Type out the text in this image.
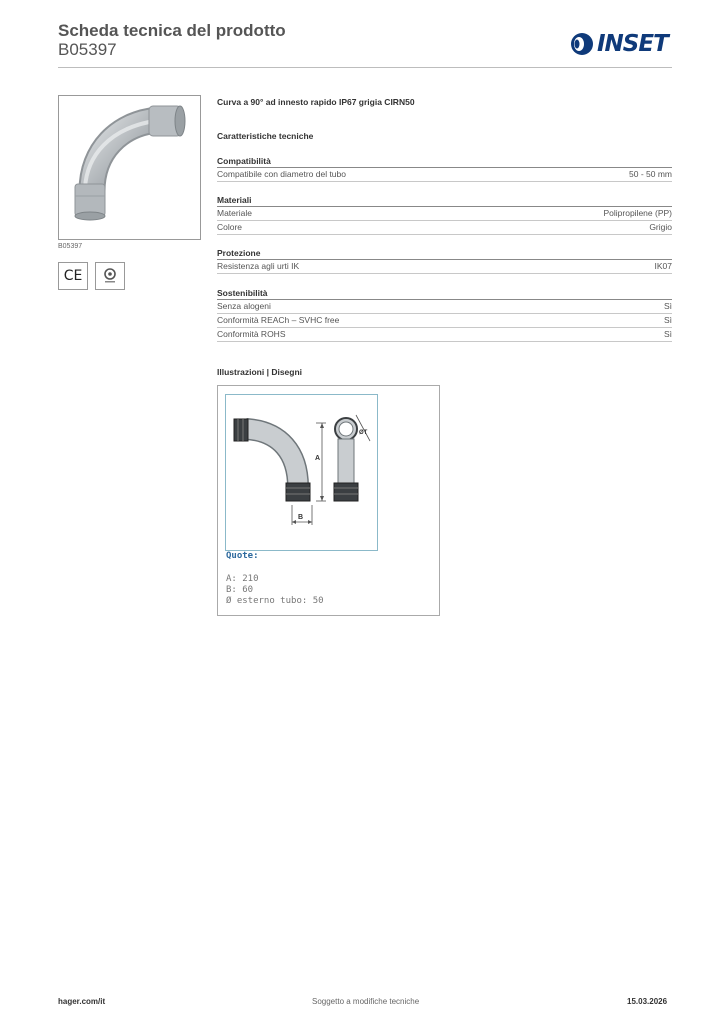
Scheda tecnica del prodotto
B05397	INSET
B05397
CE
Curva a 90° ad innesto rapido IP67 grigia CIRN50
Caratteristiche tecniche
Compatibilità
Compatibile con diametro del tubo	50 - 50 mm
Materiali
Materiale	Polipropilene (PP)
Colore	Grigio
Protezione
Resistenza agli urti IK	IK07
Sostenibilità
Senza alogeni	Sì
Conformità REACh – SVHC free	Sì
Conformità ROHS	Sì
Illustrazioni | Disegni
A
B
ØT
Quote:
A: 210
B: 60
Ø esterno tubo: 50
hager.com/it	Soggetto a modifiche tecniche	15.03.2026
